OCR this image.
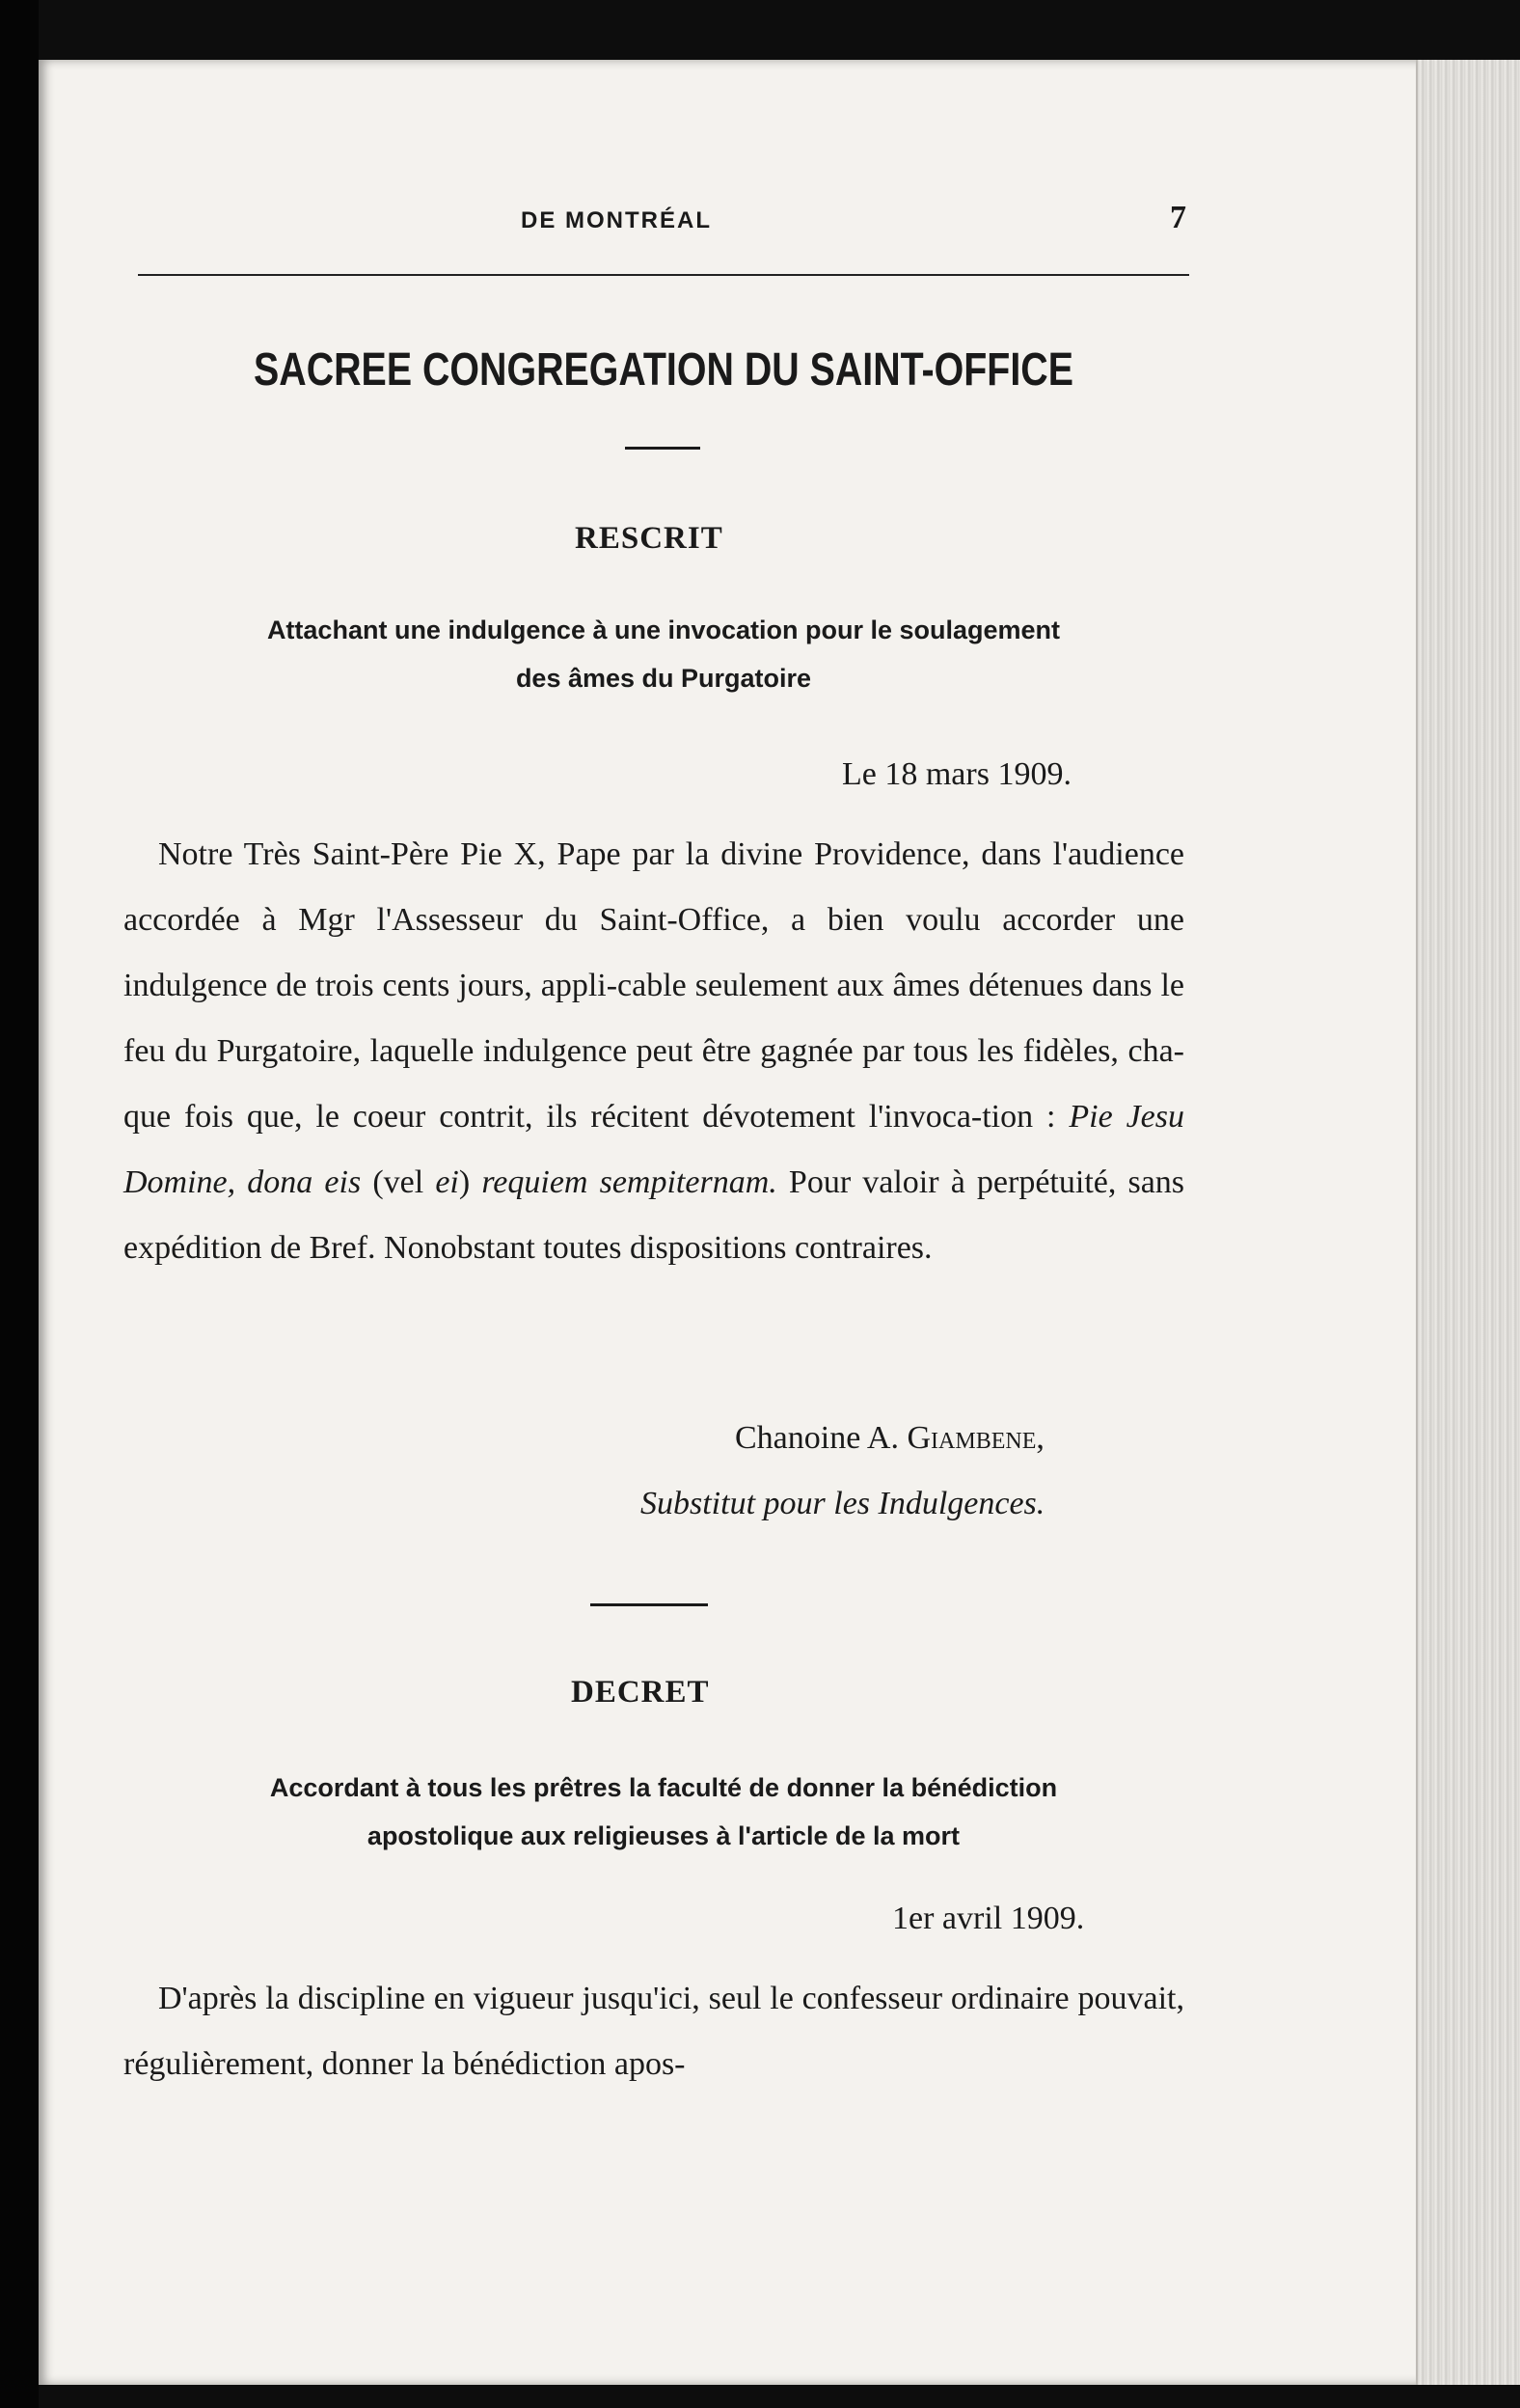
DE MONTRÉAL	7
SACREE CONGREGATION DU SAINT-OFFICE
RESCRIT
Attachant une indulgence à une invocation pour le soulagement
des âmes du Purgatoire
Le 18 mars 1909.

Notre Très Saint-Père Pie X, Pape par la divine Providence, dans l'audience accordée à Mgr l'Assesseur du Saint-Office, a bien voulu accorder une indulgence de trois cents jours, appli-cable seulement aux âmes détenues dans le feu du Purgatoire, laquelle indulgence peut être gagnée par tous les fidèles, cha-que fois que, le coeur contrit, ils récitent dévotement l'invoca-tion : Pie Jesu Domine, dona eis (vel ei) requiem sempiternam. Pour valoir à perpétuité, sans expédition de Bref. Nonobstant toutes dispositions contraires.

Chanoine A. Giambene,
Substitut pour les Indulgences.
DECRET
Accordant à tous les prêtres la faculté de donner la bénédiction
apostolique aux religieuses à l'article de la mort
1er avril 1909.

D'après la discipline en vigueur jusqu'ici, seul le confesseur ordinaire pouvait, régulièrement, donner la bénédiction apos-
